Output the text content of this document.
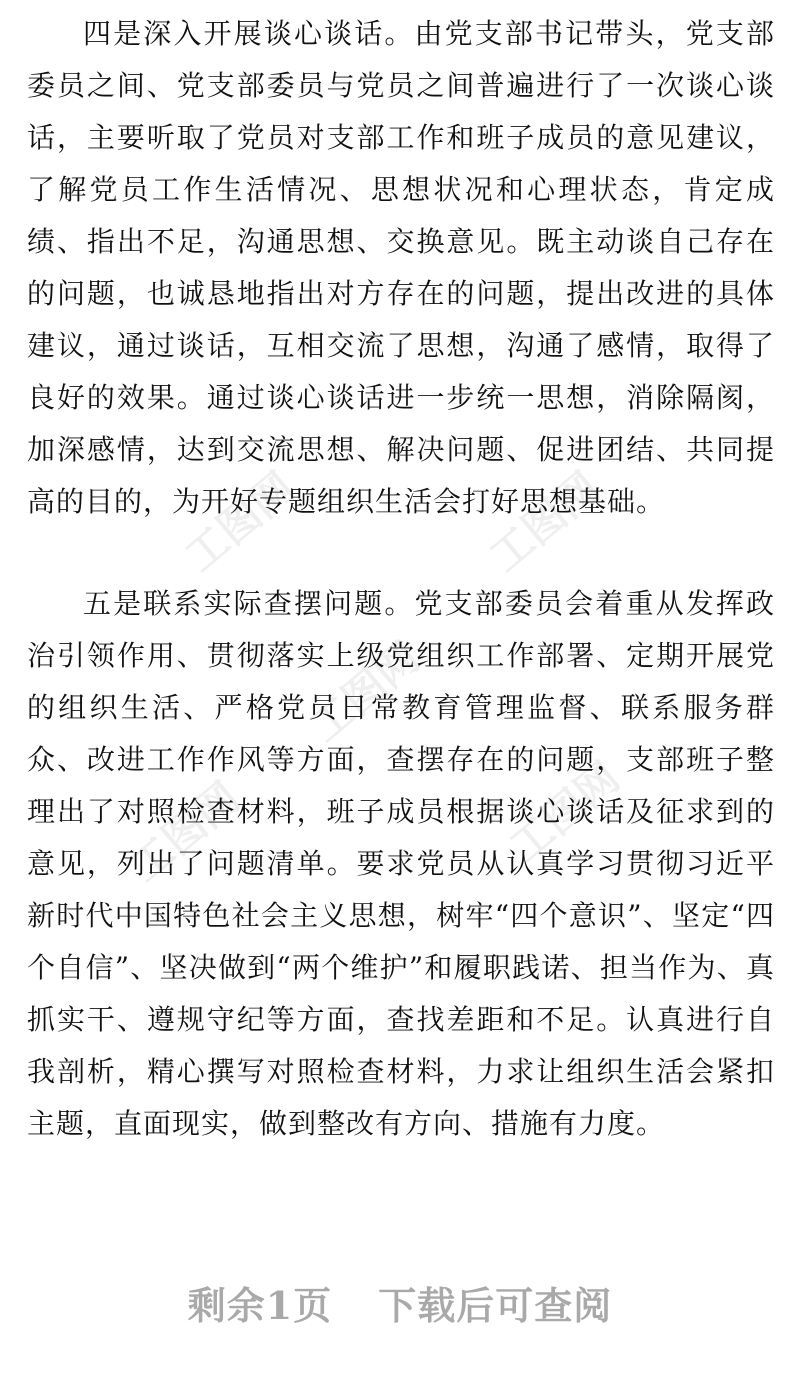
工图网	工图网
工图网
工图网	工图网

四是深入开展谈心谈话。由党支部书记带头，党支部委员之间、党支部委员与党员之间普遍进行了一次谈心谈话，主要听取了党员对支部工作和班子成员的意见建议，了解党员工作生活情况、思想状况和心理状态，肯定成绩、指出不足，沟通思想、交换意见。既主动谈自己存在的问题，也诚恳地指出对方存在的问题，提出改进的具体建议，通过谈话，互相交流了思想，沟通了感情，取得了良好的效果。通过谈心谈话进一步统一思想，消除隔阂，加深感情，达到交流思想、解决问题、促进团结、共同提高的目的，为开好专题组织生活会打好思想基础。

五是联系实际查摆问题。党支部委员会着重从发挥政治引领作用、贯彻落实上级党组织工作部署、定期开展党的组织生活、严格党员日常教育管理监督、联系服务群众、改进工作作风等方面，查摆存在的问题，支部班子整理出了对照检查材料，班子成员根据谈心谈话及征求到的意见，列出了问题清单。要求党员从认真学习贯彻习近平新时代中国特色社会主义思想，树牢“四个意识”、坚定“四个自信”、坚决做到“两个维护”和履职践诺、担当作为、真抓实干、遵规守纪等方面，查找差距和不足。认真进行自我剖析，精心撰写对照检查材料，力求让组织生活会紧扣主题，直面现实，做到整改有方向、措施有力度。

剩余1页 下载后可查阅
